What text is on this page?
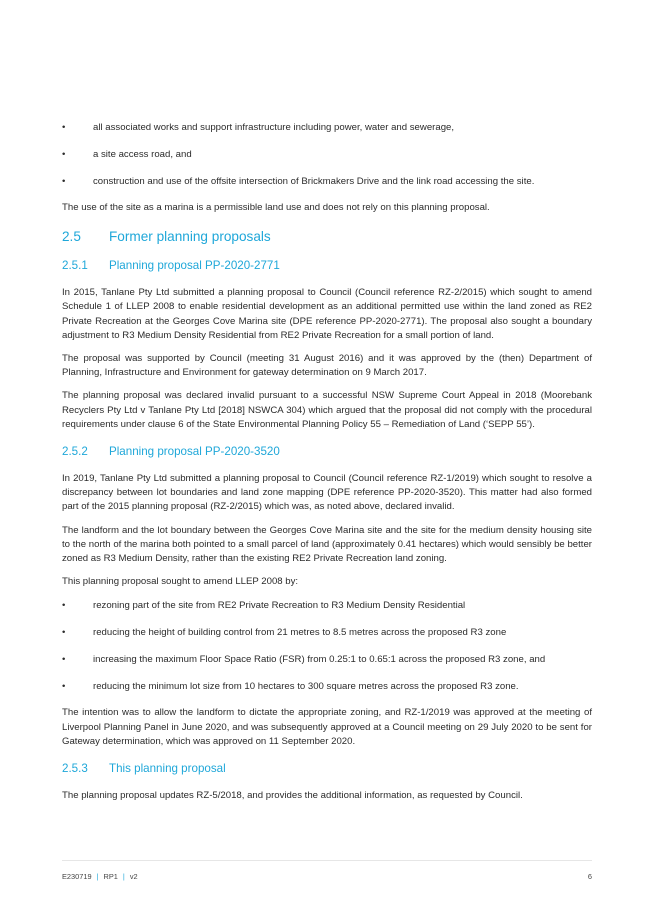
•	all associated works and support infrastructure including power, water and sewerage,
•	a site access road, and
•	construction and use of the offsite intersection of Brickmakers Drive and the link road accessing the site.

The use of the site as a marina is a permissible land use and does not rely on this planning proposal.

2.5 Former planning proposals
2.5.1 Planning proposal PP-2020-2771

In 2015, Tanlane Pty Ltd submitted a planning proposal to Council (Council reference RZ-2/2015) which sought to amend Schedule 1 of LLEP 2008 to enable residential development as an additional permitted use within the land zoned as RE2 Private Recreation at the Georges Cove Marina site (DPE reference PP-2020-2771). The proposal also sought a boundary adjustment to R3 Medium Density Residential from RE2 Private Recreation for a small portion of land.

The proposal was supported by Council (meeting 31 August 2016) and it was approved by the (then) Department of Planning, Infrastructure and Environment for gateway determination on 9 March 2017.

The planning proposal was declared invalid pursuant to a successful NSW Supreme Court Appeal in 2018 (Moorebank Recyclers Pty Ltd v Tanlane Pty Ltd [2018] NSWCA 304) which argued that the proposal did not comply with the procedural requirements under clause 6 of the State Environmental Planning Policy 55 – Remediation of Land (‘SEPP 55’).

2.5.2 Planning proposal PP-2020-3520

In 2019, Tanlane Pty Ltd submitted a planning proposal to Council (Council reference RZ-1/2019) which sought to resolve a discrepancy between lot boundaries and land zone mapping (DPE reference PP-2020-3520). This matter had also formed part of the 2015 planning proposal (RZ-2/2015) which was, as noted above, declared invalid.

The landform and the lot boundary between the Georges Cove Marina site and the site for the medium density housing site to the north of the marina both pointed to a small parcel of land (approximately 0.41 hectares) which would sensibly be better zoned as R3 Medium Density, rather than the existing RE2 Private Recreation land zoning.

This planning proposal sought to amend LLEP 2008 by:

•	rezoning part of the site from RE2 Private Recreation to R3 Medium Density Residential
•	reducing the height of building control from 21 metres to 8.5 metres across the proposed R3 zone
•	increasing the maximum Floor Space Ratio (FSR) from 0.25:1 to 0.65:1 across the proposed R3 zone, and
•	reducing the minimum lot size from 10 hectares to 300 square metres across the proposed R3 zone.

The intention was to allow the landform to dictate the appropriate zoning, and RZ-1/2019 was approved at the meeting of Liverpool Planning Panel in June 2020, and was subsequently approved at a Council meeting on 29 July 2020 to be sent for Gateway determination, which was approved on 11 September 2020.

2.5.3 This planning proposal

The planning proposal updates RZ-5/2018, and provides the additional information, as requested by Council.

E230719 | RP1 | v2	6
